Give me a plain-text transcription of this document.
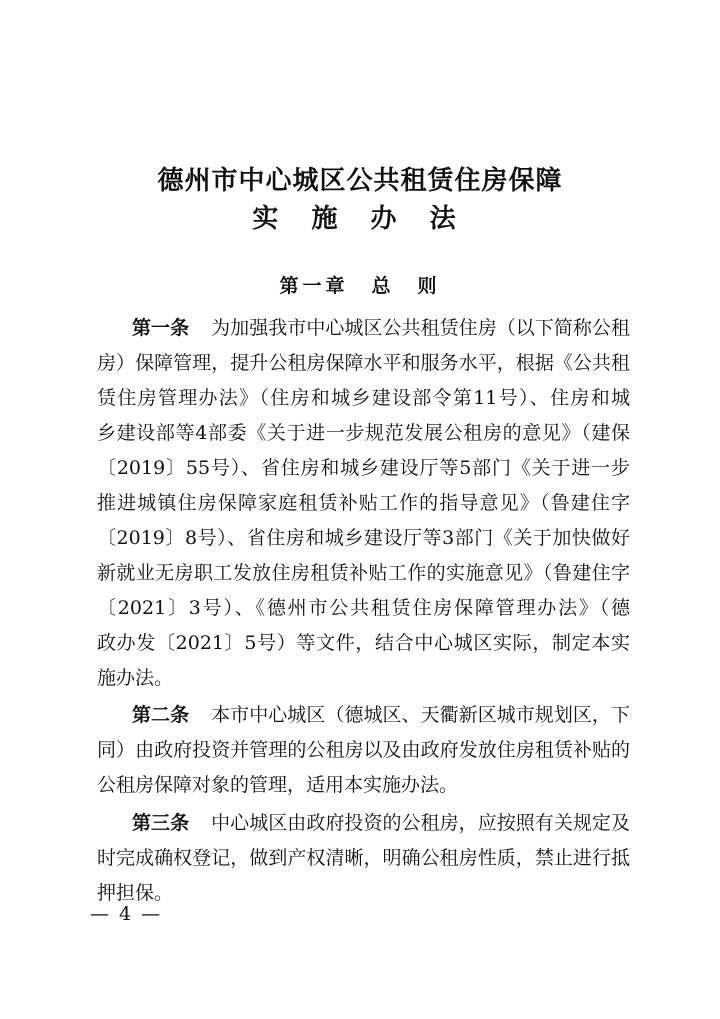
德州市中心城区公共租赁住房保障
实 施 办 法
第一章　总　则
第一条 为加强我市中心城区公共租赁住房（以下简称公租
房）保障管理，提升公租房保障水平和服务水平，根据《公共租
赁住房管理办法》（住房和城乡建设部令第11号）、住房和城
乡建设部等4部委《关于进一步规范发展公租房的意见》（建保
〔2019〕55号）、省住房和城乡建设厅等5部门《关于进一步
推进城镇住房保障家庭租赁补贴工作的指导意见》（鲁建住字
〔2019〕8号）、省住房和城乡建设厅等3部门《关于加快做好
新就业无房职工发放住房租赁补贴工作的实施意见》（鲁建住字
〔2021〕3号）、《德州市公共租赁住房保障管理办法》（德
政办发〔2021〕5号）等文件，结合中心城区实际，制定本实
施办法。
第二条 本市中心城区（德城区、天衢新区城市规划区，下
同）由政府投资并管理的公租房以及由政府发放住房租赁补贴的
公租房保障对象的管理，适用本实施办法。
第三条 中心城区由政府投资的公租房，应按照有关规定及
时完成确权登记，做到产权清晰，明确公租房性质，禁止进行抵
押担保。
— 4 —
